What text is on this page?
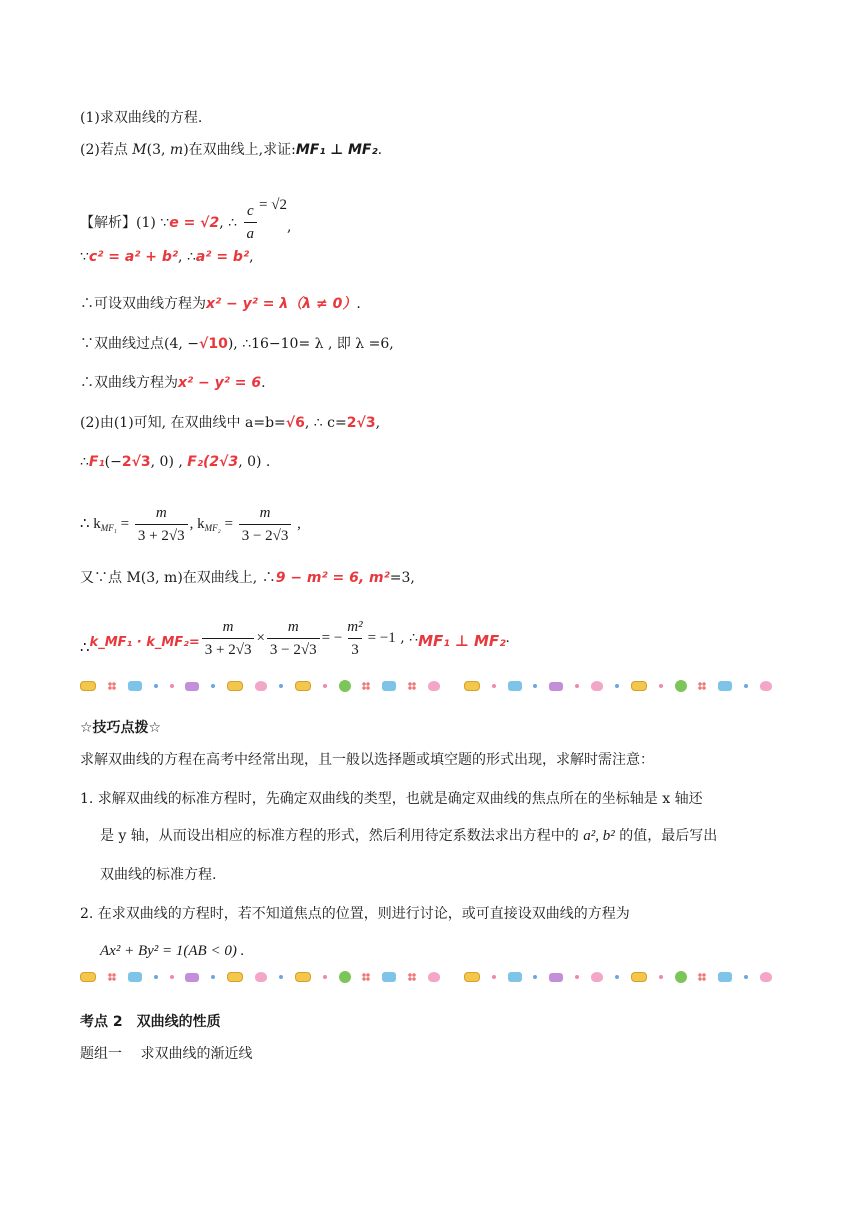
(1)求双曲线的方程.
(2)若点 M(3, m)在双曲线上,求证:MF₁ ⊥ MF₂.
【解析】(1) ∵e = √2, ∴ $\frac{c}{a} = √2$,
∵c² = a² + b², ∴a² = b²,
∴可设双曲线方程为x² − y² = λ（λ ≠ 0）.
∵双曲线过点(4, −√10), ∴16−10= λ , 即 λ =6,
∴双曲线方程为x² − y² = 6.
(2)由(1)可知, 在双曲线中 a=b=√6, ∴ c=2√3,
∴F₁(−2√3, 0) , F₂(2√3, 0) .
∴ $k_{MF_1} = \frac{m}{3 + 2√3}$ , $k_{MF_2} = \frac{m}{3 - 2√3}$ ,
又∵点 M(3, m)在双曲线上, ∴9 − m² = 6, m²=3,
∴k_MF₁ · k_MF₂= $\frac{m}{3 + 2√3} \times \frac{m}{3 - 2√3}$ = − $\frac{\text{m²}}{3} = -1$ , ∴MF₁ ⊥ MF₂.
☆技巧点拨☆
求解双曲线的方程在高考中经常出现，且一般以选择题或填空题的形式出现，求解时需注意：
1. 求解双曲线的标准方程时，先确定双曲线的类型，也就是确定双曲线的焦点所在的坐标轴是 x 轴还
是 y 轴，从而设出相应的标准方程的形式，然后利用待定系数法求出方程中的 a², b² 的值，最后写出
双曲线的标准方程.
2. 在求双曲线的方程时，若不知道焦点的位置，则进行讨论，或可直接设双曲线的方程为
Ax² + By² = 1(AB < 0) .
考点 2　双曲线的性质
题组一　 求双曲线的渐近线
